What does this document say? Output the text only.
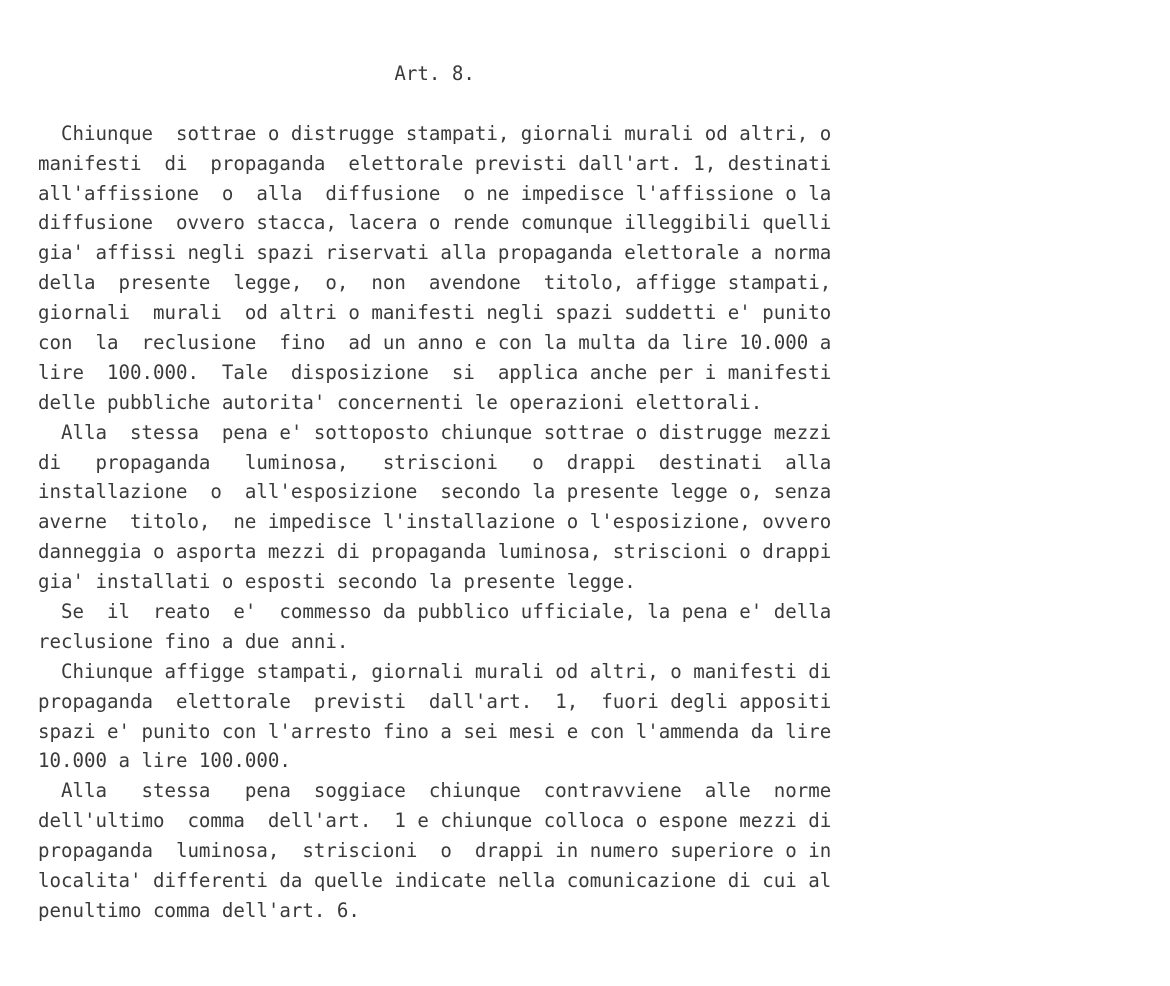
Art. 8.
Chiunque  sottrae o distrugge stampati, giornali murali od altri, o
manifesti  di  propaganda  elettorale previsti dall'art. 1, destinati
all'affissione  o  alla  diffusione  o ne impedisce l'affissione o la
diffusione  ovvero stacca, lacera o rende comunque illeggibili quelli
gia' affissi negli spazi riservati alla propaganda elettorale a norma
della  presente  legge,  o,  non  avendone  titolo, affigge stampati,
giornali  murali  od altri o manifesti negli spazi suddetti e' punito
con  la  reclusione  fino  ad un anno e con la multa da lire 10.000 a
lire  100.000.  Tale  disposizione  si  applica anche per i manifesti
delle pubbliche autorita' concernenti le operazioni elettorali.
Alla  stessa  pena e' sottoposto chiunque sottrae o distrugge mezzi
di   propaganda   luminosa,   striscioni   o  drappi  destinati  alla
installazione  o  all'esposizione  secondo la presente legge o, senza
averne  titolo,  ne impedisce l'installazione o l'esposizione, ovvero
danneggia o asporta mezzi di propaganda luminosa, striscioni o drappi
gia' installati o esposti secondo la presente legge.
Se  il  reato  e'  commesso da pubblico ufficiale, la pena e' della
reclusione fino a due anni.
Chiunque affigge stampati, giornali murali od altri, o manifesti di
propaganda  elettorale  previsti  dall'art.  1,  fuori degli appositi
spazi e' punito con l'arresto fino a sei mesi e con l'ammenda da lire
10.000 a lire 100.000.
Alla   stessa   pena  soggiace  chiunque  contravviene  alle  norme
dell'ultimo  comma  dell'art.  1 e chiunque colloca o espone mezzi di
propaganda  luminosa,  striscioni  o  drappi in numero superiore o in
localita' differenti da quelle indicate nella comunicazione di cui al
penultimo comma dell'art. 6.
